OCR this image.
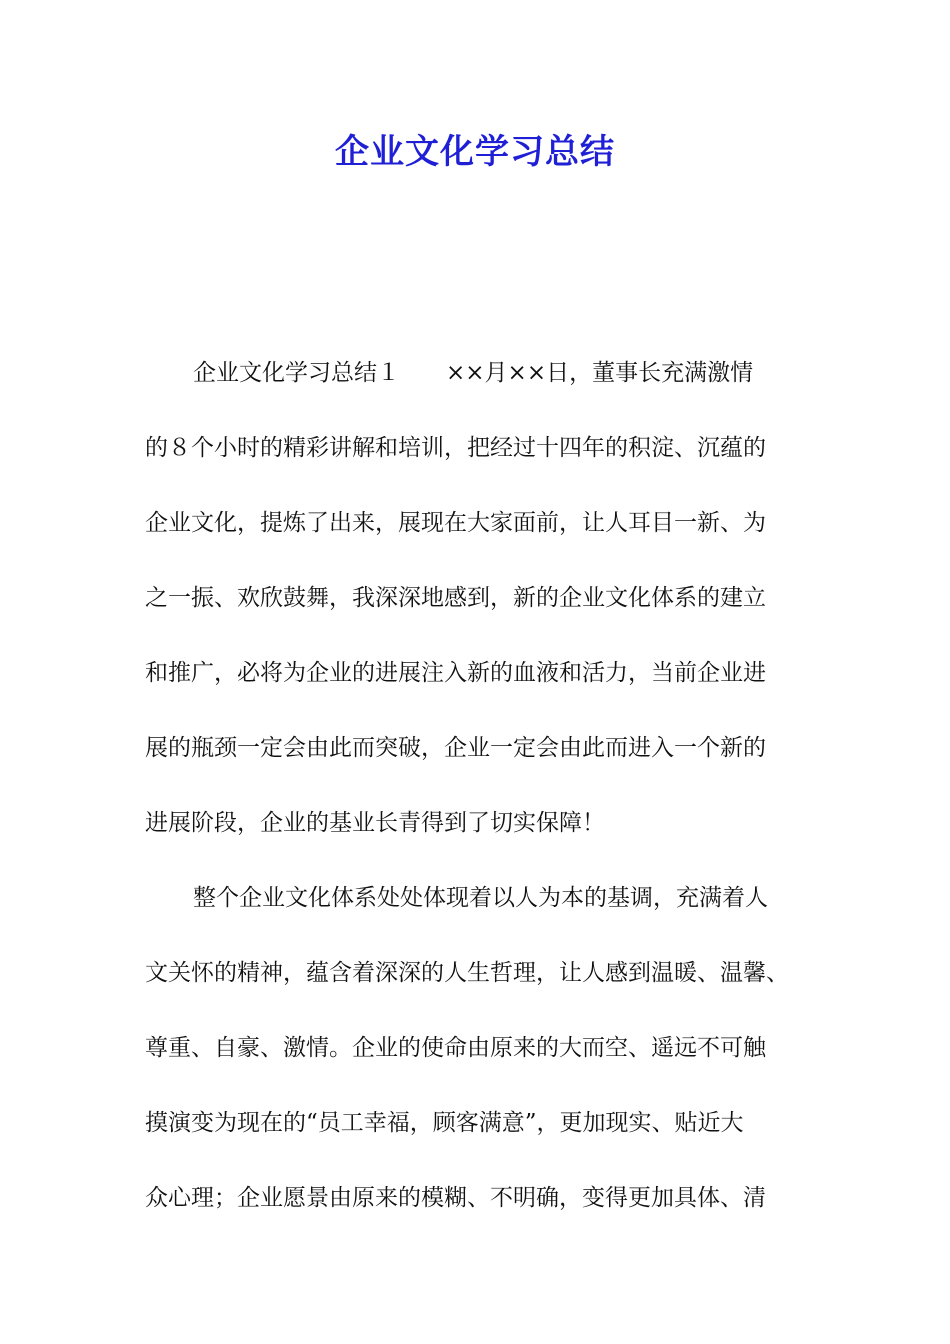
企业文化学习总结
企业文化学习总结１　　××月××日，董事长充满激情
的８个小时的精彩讲解和培训，把经过十四年的积淀、沉蕴的
企业文化，提炼了出来，展现在大家面前，让人耳目一新、为
之一振、欢欣鼓舞，我深深地感到，新的企业文化体系的建立
和推广，必将为企业的进展注入新的血液和活力，当前企业进
展的瓶颈一定会由此而突破，企业一定会由此而进入一个新的
进展阶段，企业的基业长青得到了切实保障！
整个企业文化体系处处体现着以人为本的基调，充满着人
文关怀的精神，蕴含着深深的人生哲理，让人感到温暖、温馨、
尊重、自豪、激情。企业的使命由原来的大而空、遥远不可触
摸演变为现在的“员工幸福，顾客满意”，更加现实、贴近大
众心理；企业愿景由原来的模糊、不明确，变得更加具体、清
